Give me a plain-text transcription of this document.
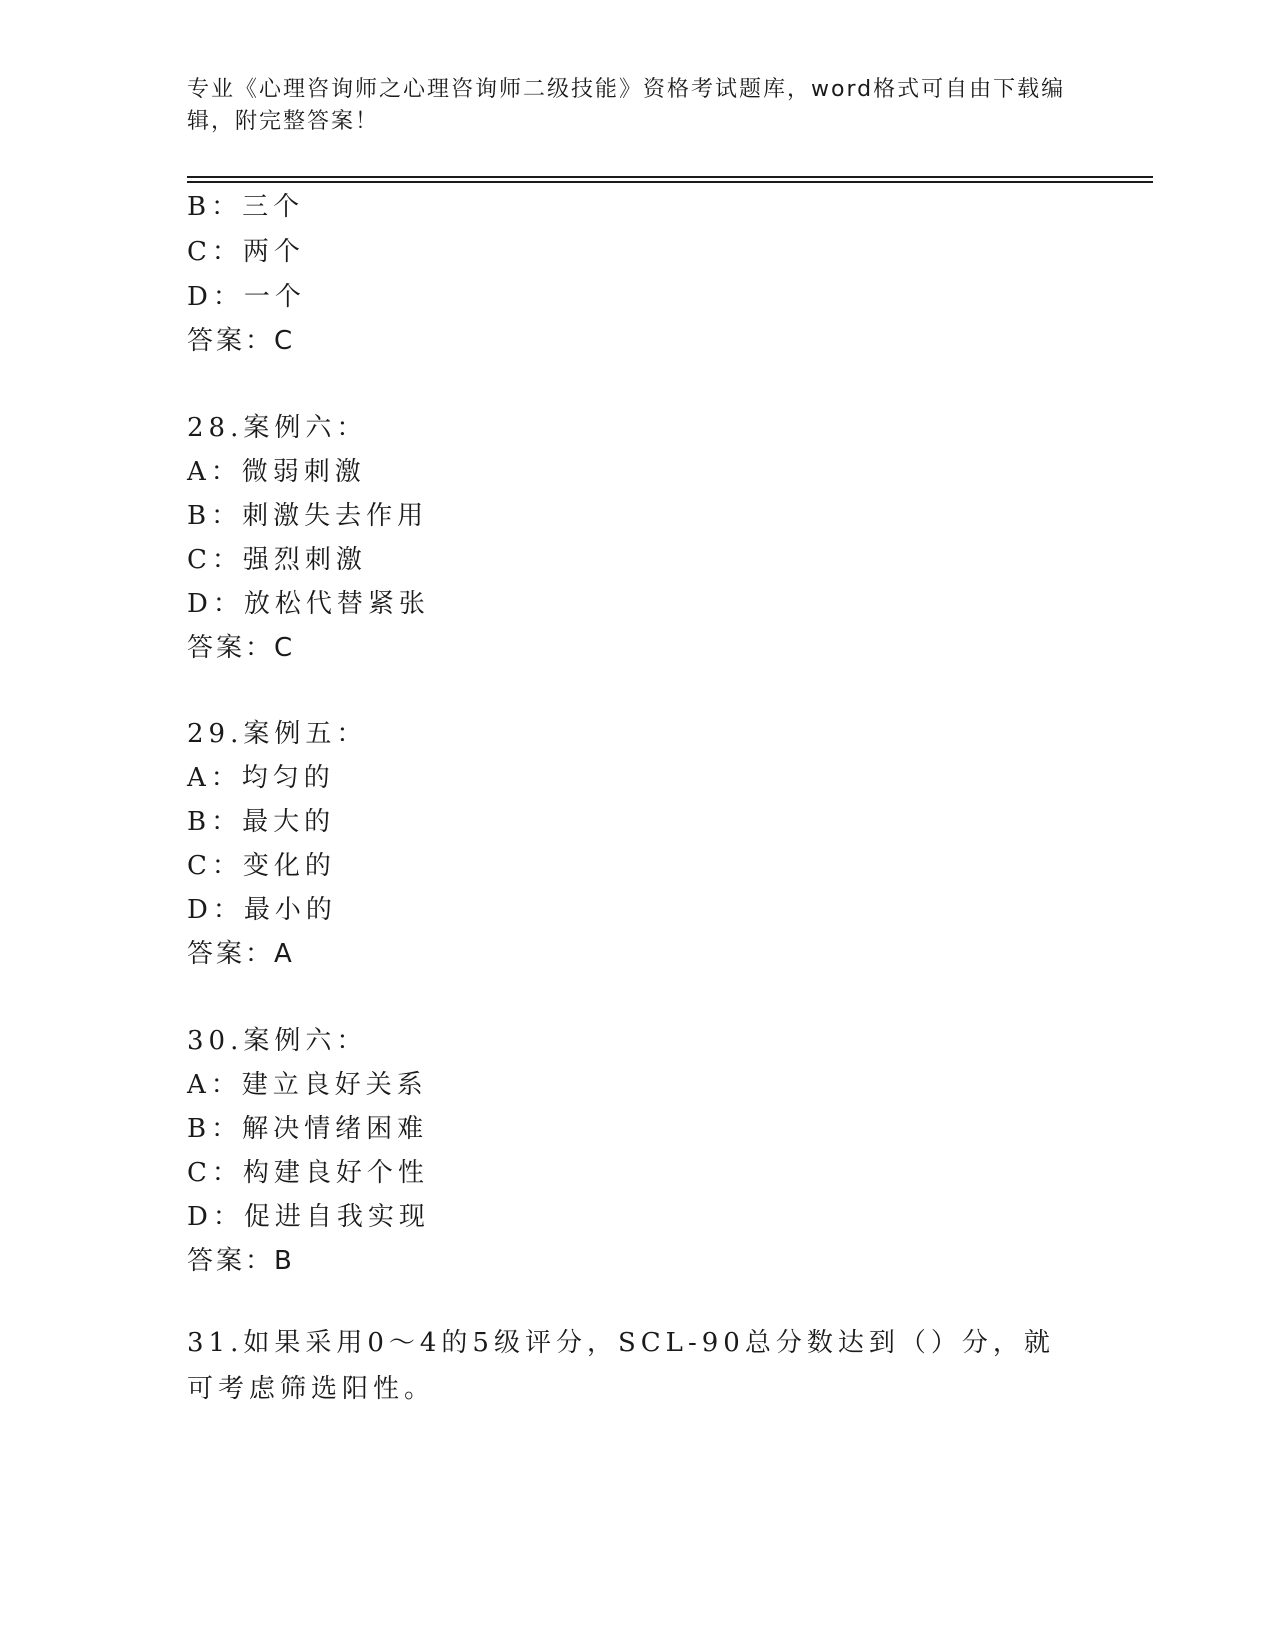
专业《心理咨询师之心理咨询师二级技能》资格考试题库，word格式可自由下载编辑，附完整答案！
B：三个
C：两个
D：一个
答案：C
28.案例六：
A：微弱刺激
B：刺激失去作用
C：强烈刺激
D：放松代替紧张
答案：C
29.案例五：
A：均匀的
B：最大的
C：变化的
D：最小的
答案：A
30.案例六：
A：建立良好关系
B：解决情绪困难
C：构建良好个性
D：促进自我实现
答案：B
31.如果采用0～4的5级评分，SCL-90总分数达到（）分，就可考虑筛选阳性。
